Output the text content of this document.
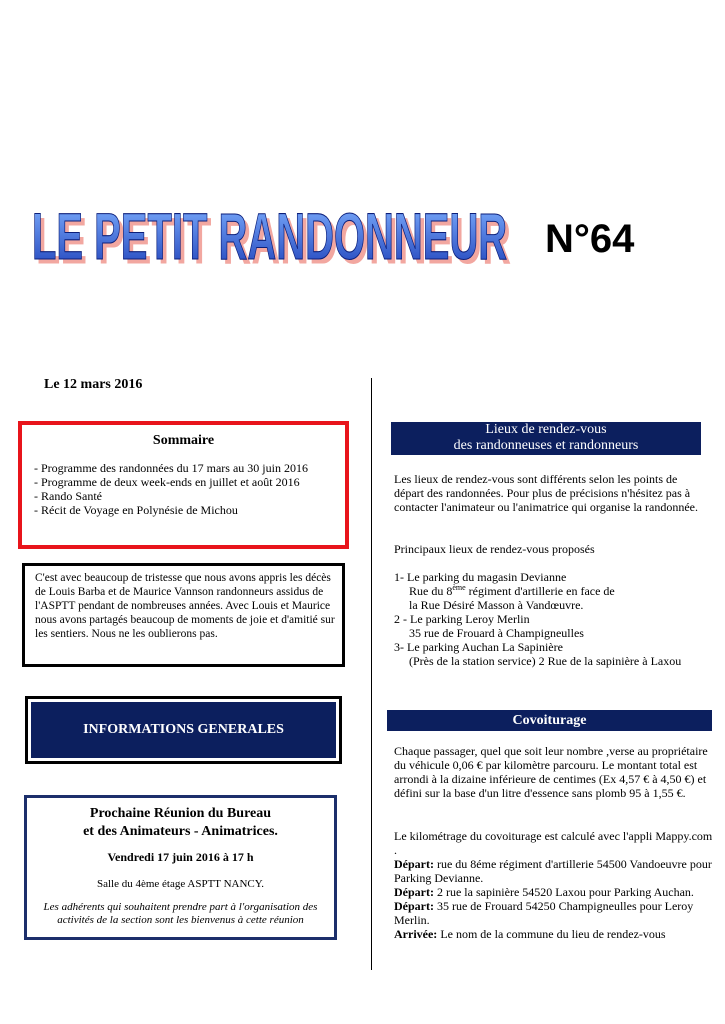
LE PETIT RANDONNEUR
LE PETIT RANDONNEUR N°64
Le 12 mars 2016
Sommaire
- Programme des randonnées du 17 mars au 30 juin 2016
- Programme de deux week-ends en juillet et août 2016
- Rando Santé
- Récit de Voyage en Polynésie de Michou

C'est avec beaucoup de tristesse que nous avons appris les décès de Louis Barba et de Maurice Vannson randonneurs assidus de l'ASPTT pendant de nombreuses années. Avec Louis et Maurice nous avons partagés beaucoup de moments de joie et d'amitié sur les sentiers. Nous ne les oublierons pas.

INFORMATIONS GENERALES
Prochaine Réunion du Bureau
et des Animateurs - Animatrices.
Vendredi 17 juin 2016 à 17 h
Salle du 4ème étage ASPTT NANCY.
Les adhérents qui souhaitent prendre part à l'organisation des activités de la section sont les bienvenus à cette réunion
Lieux de rendez-vous
des randonneuses et randonneurs
Les lieux de rendez-vous sont différents selon les points de départ des randonnées. Pour plus de précisions n'hésitez pas à contacter l'animateur ou l'animatrice qui organise la randonnée.
Principaux lieux de rendez-vous proposés
1- Le parking du magasin Devianne
Rue du 8ème régiment d'artillerie en face de
la Rue Désiré Masson à Vandœuvre.
2 - Le parking Leroy Merlin
35 rue de Frouard à Champigneulles
3- Le parking Auchan La Sapinière
(Près de la station service) 2 Rue de la sapinière à Laxou
Covoiturage
Chaque passager, quel que soit leur nombre ,verse au propriétaire du véhicule 0,06 € par kilomètre parcouru. Le montant total est arrondi à la dizaine inférieure de centimes (Ex 4,57 € à 4,50 €) et défini sur la base d'un litre d'essence sans plomb 95 à 1,55 €.
Le kilométrage du covoiturage est calculé avec l'appli Mappy.com .
Départ: rue du 8éme régiment d'artillerie 54500 Vandoeuvre pour Parking Devianne.
Départ: 2 rue la sapinière 54520 Laxou pour Parking Auchan.
Départ: 35 rue de Frouard 54250 Champigneulles pour Leroy Merlin.
Arrivée: Le nom de la commune du lieu de rendez-vous
